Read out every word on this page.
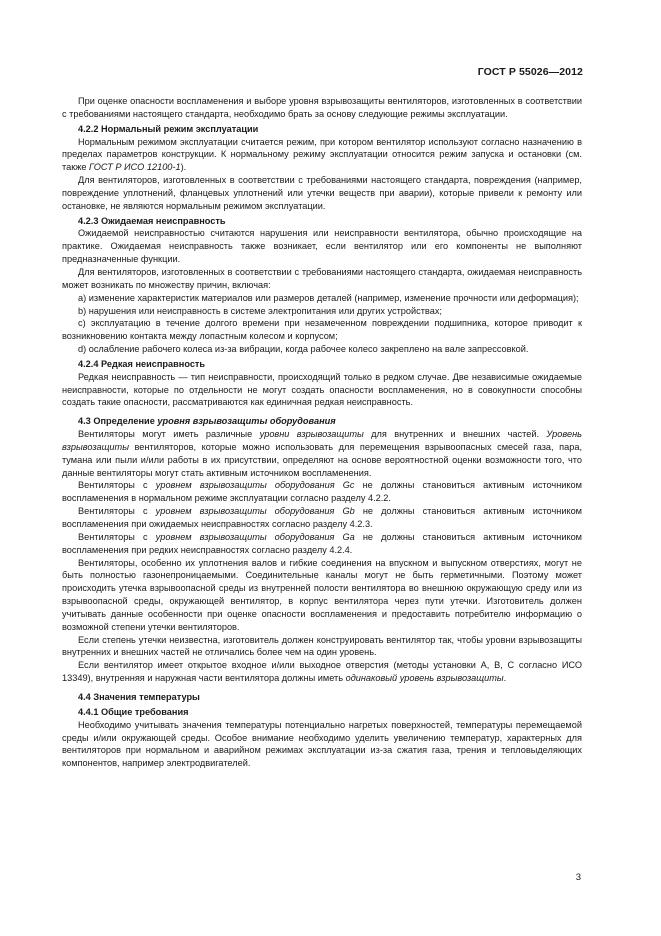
ГОСТ Р 55026—2012

При оценке опасности воспламенения и выборе уровня взрывозащиты вентиляторов, изготовленных в соответствии с требованиями настоящего стандарта, необходимо брать за основу следующие режимы эксплуатации.

4.2.2 Нормальный режим эксплуатации

Нормальным режимом эксплуатации считается режим, при котором вентилятор используют согласно назначению в пределах параметров конструкции. К нормальному режиму эксплуатации относится режим запуска и остановки (см. также ГОСТ Р ИСО 12100-1).

Для вентиляторов, изготовленных в соответствии с требованиями настоящего стандарта, повреждения (например, повреждение уплотнений, фланцевых уплотнений или утечки веществ при аварии), которые привели к ремонту или остановке, не являются нормальным режимом эксплуатации.

4.2.3 Ожидаемая неисправность

Ожидаемой неисправностью считаются нарушения или неисправности вентилятора, обычно происходящие на практике. Ожидаемая неисправность также возникает, если вентилятор или его компоненты не выполняют предназначенные функции.

Для вентиляторов, изготовленных в соответствии с требованиями настоящего стандарта, ожидаемая неисправность может возникать по множеству причин, включая:

a) изменение характеристик материалов или размеров деталей (например, изменение прочности или деформация);

b) нарушения или неисправность в системе электропитания или других устройствах;

c) эксплуатацию в течение долгого времени при незамеченном повреждении подшипника, которое приводит к возникновению контакта между лопастным колесом и корпусом;

d) ослабление рабочего колеса из-за вибрации, когда рабочее колесо закреплено на вале запрессовкой.

4.2.4 Редкая неисправность

Редкая неисправность — тип неисправности, происходящий только в редком случае. Две независимые ожидаемые неисправности, которые по отдельности не могут создать опасности воспламенения, но в совокупности способны создать такие опасности, рассматриваются как единичная редкая неисправность.

4.3 Определение уровня взрывозащиты оборудования

Вентиляторы могут иметь различные уровни взрывозащиты для внутренних и внешних частей. Уровень взрывозащиты вентиляторов, которые можно использовать для перемещения взрывоопасных смесей газа, пара, тумана или пыли и/или работы в их присутствии, определяют на основе вероятностной оценки возможности того, что данные вентиляторы могут стать активным источником воспламенения.

Вентиляторы с уровнем взрывозащиты оборудования Gc не должны становиться активным источником воспламенения в нормальном режиме эксплуатации согласно разделу 4.2.2.

Вентиляторы с уровнем взрывозащиты оборудования Gb не должны становиться активным источником воспламенения при ожидаемых неисправностях согласно разделу 4.2.3.

Вентиляторы с уровнем взрывозащиты оборудования Ga не должны становиться активным источником воспламенения при редких неисправностях согласно разделу 4.2.4.

Вентиляторы, особенно их уплотнения валов и гибкие соединения на впускном и выпускном отверстиях, могут не быть полностью газонепроницаемыми. Соединительные каналы могут не быть герметичными. Поэтому может происходить утечка взрывоопасной среды из внутренней полости вентилятора во внешнюю окружающую среду или из взрывоопасной среды, окружающей вентилятор, в корпус вентилятора через пути утечки. Изготовитель должен учитывать данные особенности при оценке опасности воспламенения и предоставить потребителю информацию о возможной степени утечки вентиляторов.

Если степень утечки неизвестна, изготовитель должен конструировать вентилятор так, чтобы уровни взрывозащиты внутренних и внешних частей не отличались более чем на один уровень.

Если вентилятор имеет открытое входное и/или выходное отверстия (методы установки А, В, С согласно ИСО 13349), внутренняя и наружная части вентилятора должны иметь одинаковый уровень взрывозащиты.

4.4 Значения температуры
4.4.1 Общие требования

Необходимо учитывать значения температуры потенциально нагретых поверхностей, температуры перемещаемой среды и/или окружающей среды. Особое внимание необходимо уделить увеличению температур, характерных для вентиляторов при нормальном и аварийном режимах эксплуатации из-за сжатия газа, трения и тепловыделяющих компонентов, например электродвигателей.

3
